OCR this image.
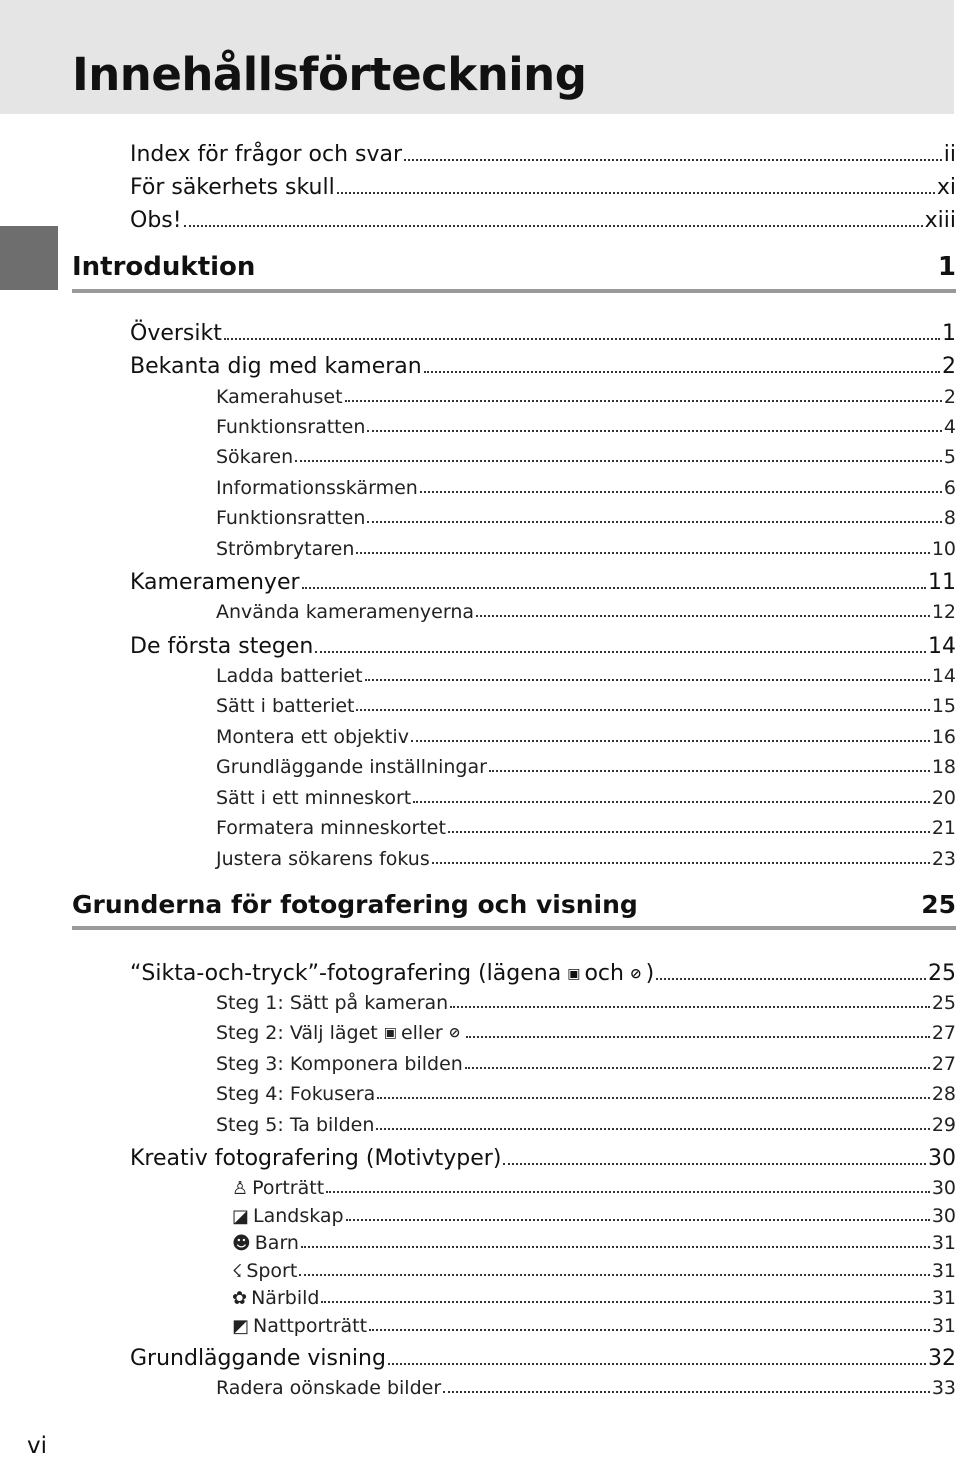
Innehållsförteckning
Index för frågor och svar	ii
För säkerhets skull	xi
Obs!	xiii
Introduktion	1
Översikt	1
Bekanta dig med kameran	2
Kamerahuset	2
Funktionsratten	4
Sökaren	5
Informationsskärmen	6
Funktionsratten	8
Strömbrytaren	10
Kameramenyer	11
Använda kameramenyerna	12
De första stegen	14
Ladda batteriet	14
Sätt i batteriet	15
Montera ett objektiv	16
Grundläggande inställningar	18
Sätt i ett minneskort	20
Formatera minneskortet	21
Justera sökarens fokus	23
Grunderna för fotografering och visning	25
“Sikta-och-tryck”-fotografering (lägena ▣ och ⊘ )	25
Steg 1: Sätt på kameran	25
Steg 2: Välj läget ▣ eller ⊘	27
Steg 3: Komponera bilden	27
Steg 4: Fokusera	28
Steg 5: Ta bilden	29
Kreativ fotografering (Motivtyper)	30
♙ Porträtt	30
◪ Landskap	30
☻ Barn	31
☇ Sport	31
✿ Närbild	31
◩ Nattporträtt	31
Grundläggande visning	32
Radera oönskade bilder	33
vi
